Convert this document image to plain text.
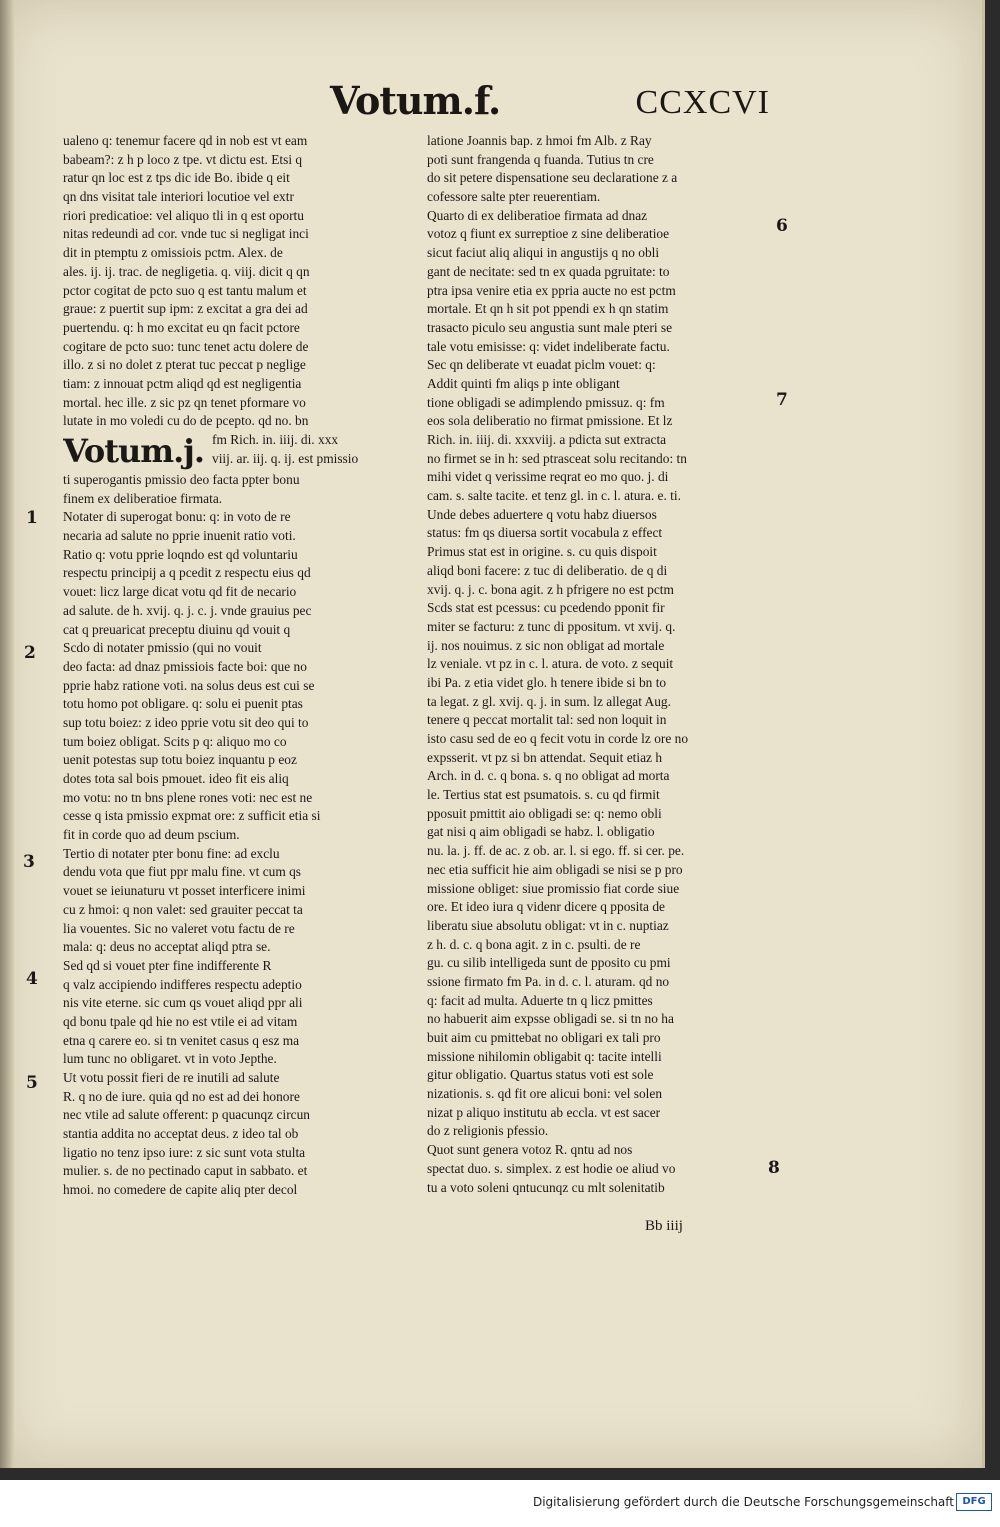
Votum.f.	CCXCVI
ualeno q: tenemur facere qd in nob est vt eam
babeam?: z h p loco z tpe. vt dictu est. Etsi q
ratur qn loc est z tps dic ide Bo. ibide q eit
qn dns visitat tale interiori locutioe vel extr
riori predicatioe: vel aliquo tli in q est oportu
nitas redeundi ad cor. vnde tuc si negligat inci
dit in ptemptu z omissiois pctm. Alex. de
ales. ij. ij. trac. de negligetia. q. viij. dicit q qn
pctor cogitat de pcto suo q est tantu malum et
graue: z puertit sup ipm: z excitat a gra dei ad
puertendu. q: h mo excitat eu qn facit pctore
cogitare de pcto suo: tunc tenet actu dolere de
illo. z si no dolet z pterat tuc peccat p neglige
tiam: z innouat pctm aliqd qd est negligentia
mortal. hec ille. z sic pz qn tenet pformare vo
lutate in mo voledi cu do de pcepto. qd no. bn
Votum.j. fm Rich. in. iiij. di. xxx
viij. ar. iij. q. ij. est pmissio
ti superogantis pmissio deo facta ppter bonu
finem ex deliberatioe firmata.
Notater di superogat bonu: q: in voto de re
necaria ad salute no pprie inuenit ratio voti.
Ratio q: votu pprie loqndo est qd voluntariu
respectu principij a q pcedit z respectu eius qd
vouet: licz large dicat votu qd fit de necario
ad salute. de h. xvij. q. j. c. j. vnde grauius pec
cat q preuaricat preceptu diuinu qd vouit q
Scdo di notater pmissio (qui no vouit
deo facta: ad dnaz pmissiois facte boi: que no
pprie habz ratione voti. na solus deus est cui se
totu homo pot obligare. q: solu ei puenit ptas
sup totu boiez: z ideo pprie votu sit deo qui to
tum boiez obligat. Scits p q: aliquo mo co
uenit potestas sup totu boiez inquantu p eoz
dotes tota sal bois pmouet. ideo fit eis aliq
mo votu: no tn bns plene rones voti: nec est ne
cesse q ista pmissio expmat ore: z sufficit etia si
fit in corde quo ad deum pscium.
Tertio di notater pter bonu fine: ad exclu
dendu vota que fiut ppr malu fine. vt cum qs
vouet se ieiunaturu vt posset interficere inimi
cu z hmoi: q non valet: sed grauiter peccat ta
lia vouentes. Sic no valeret votu factu de re
mala: q: deus no acceptat aliqd ptra se.
Sed qd si vouet pter fine indifferente R
q valz accipiendo indifferes respectu adeptio
nis vite eterne. sic cum qs vouet aliqd ppr ali
qd bonu tpale qd hie no est vtile ei ad vitam
etna q carere eo. si tn venitet casus q esz ma
lum tunc no obligaret. vt in voto Jepthe.
Ut votu possit fieri de re inutili ad salute
R. q no de iure. quia qd no est ad dei honore
nec vtile ad salute offerent: p quacunqz circun
stantia addita no acceptat deus. z ideo tal ob
ligatio no tenz ipso iure: z sic sunt vota stulta
mulier. s. de no pectinado caput in sabbato. et
hmoi. no comedere de capite aliq pter decol
latione Joannis bap. z hmoi fm Alb. z Ray
poti sunt frangenda q fuanda. Tutius tn cre
do sit petere dispensatione seu declaratione z a
cofessore salte pter reuerentiam.
Quarto di ex deliberatioe firmata ad dnaz
votoz q fiunt ex surreptioe z sine deliberatioe
sicut faciut aliq aliqui in angustijs q no obli
gant de necitate: sed tn ex quada pgruitate: to
ptra ipsa venire etia ex ppria aucte no est pctm
mortale. Et qn h sit pot ppendi ex h qn statim
trasacto piculo seu angustia sunt male pteri se
tale votu emisisse: q: videt indeliberate factu.
Sec qn deliberate vt euadat piclm vouet: q:
Addit quinti fm aliqs p inte obligant
tione obligadi se adimplendo pmissuz. q: fm
eos sola deliberatio no firmat pmissione. Et lz
Rich. in. iiij. di. xxxviij. a pdicta sut extracta
no firmet se in h: sed ptrasceat solu recitando: tn
mihi videt q verissime reqrat eo mo quo. j. di
cam. s. salte tacite. et tenz gl. in c. l. atura. e. ti.
Unde debes aduertere q votu habz diuersos
status: fm qs diuersa sortit vocabula z effect
Primus stat est in origine. s. cu quis dispoit
aliqd boni facere: z tuc di deliberatio. de q di
xvij. q. j. c. bona agit. z h pfrigere no est pctm
Scds stat est pcessus: cu pcedendo pponit fir
miter se facturu: z tunc di ppositum. vt xvij. q.
ij. nos nouimus. z sic non obligat ad mortale
lz veniale. vt pz in c. l. atura. de voto. z sequit
ibi Pa. z etia videt glo. h tenere ibide si bn to
ta legat. z gl. xvij. q. j. in sum. lz allegat Aug.
tenere q peccat mortalit tal: sed non loquit in
isto casu sed de eo q fecit votu in corde lz ore no
expsserit. vt pz si bn attendat. Sequit etiaz h
Arch. in d. c. q bona. s. q no obligat ad morta
le. Tertius stat est psumatois. s. cu qd firmit
pposuit pmittit aio obligadi se: q: nemo obli
gat nisi q aim obligadi se habz. l. obligatio
nu. la. j. ff. de ac. z ob. ar. l. si ego. ff. si cer. pe.
nec etia sufficit hie aim obligadi se nisi se p pro
missione obliget: siue promissio fiat corde siue
ore. Et ideo iura q videnr dicere q pposita de
liberatu siue absolutu obligat: vt in c. nuptiaz
z h. d. c. q bona agit. z in c. psulti. de re
gu. cu silib intelligeda sunt de pposito cu pmi
ssione firmato fm Pa. in d. c. l. aturam. qd no
q: facit ad multa. Aduerte tn q licz pmittes
no habuerit aim expsse obligadi se. si tn no ha
buit aim cu pmittebat no obligari ex tali pro
missione nihilomin obligabit q: tacite intelli
gitur obligatio. Quartus status voti est sole
nizationis. s. qd fit ore alicui boni: vel solen
nizat p aliquo institutu ab eccla. vt est sacer
do z religionis pfessio.
Quot sunt genera votoz R. qntu ad nos
spectat duo. s. simplex. z est hodie oe aliud vo
tu a voto soleni qntucunqz cu mlt solenitatib
1
2
3
4
5
6
7
8
Bb iiij
Digitalisierung gefördert durch die Deutsche Forschungsgemeinschaft DFG
